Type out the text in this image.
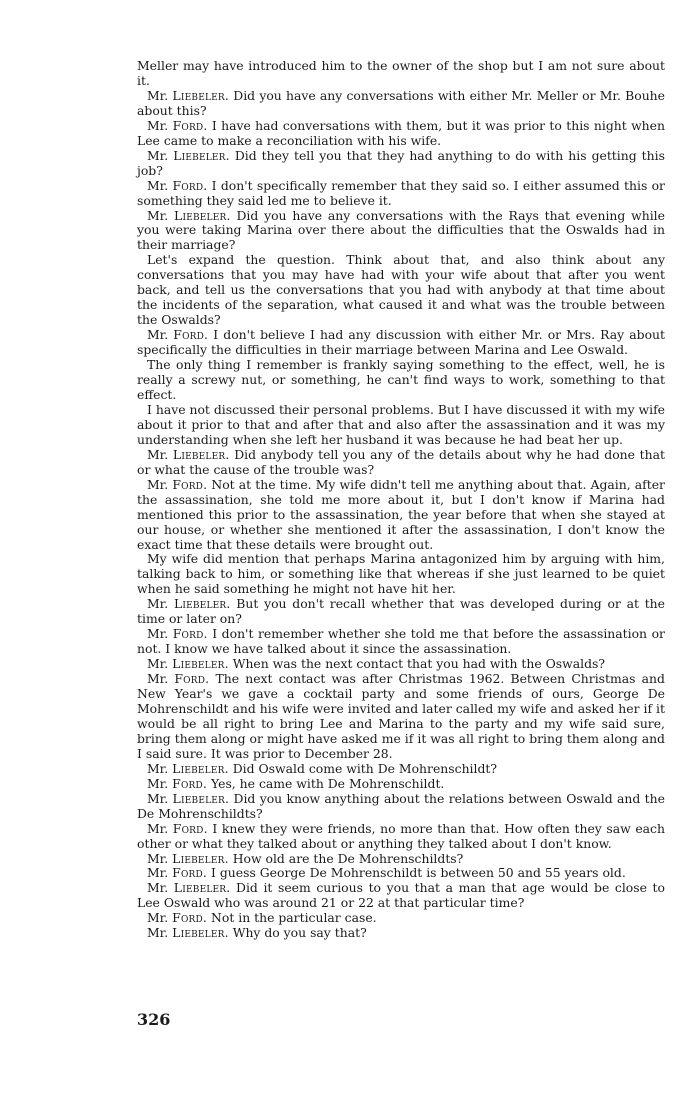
Meller may have introduced him to the owner of the shop but I am not sure about it.

Mr. Liebeler. Did you have any conversations with either Mr. Meller or Mr. Bouhe about this?

Mr. Ford. I have had conversations with them, but it was prior to this night when Lee came to make a reconciliation with his wife.

Mr. Liebeler. Did they tell you that they had anything to do with his getting this job?

Mr. Ford. I don't specifically remember that they said so. I either assumed this or something they said led me to believe it.

Mr. Liebeler. Did you have any conversations with the Rays that evening while you were taking Marina over there about the difficulties that the Oswalds had in their marriage?

Let's expand the question. Think about that, and also think about any conversations that you may have had with your wife about that after you went back, and tell us the conversations that you had with anybody at that time about the incidents of the separation, what caused it and what was the trouble between the Oswalds?

Mr. Ford. I don't believe I had any discussion with either Mr. or Mrs. Ray about specifically the difficulties in their marriage between Marina and Lee Oswald.

The only thing I remember is frankly saying something to the effect, well, he is really a screwy nut, or something, he can't find ways to work, something to that effect.

I have not discussed their personal problems. But I have discussed it with my wife about it prior to that and after that and also after the assassination and it was my understanding when she left her husband it was because he had beat her up.

Mr. Liebeler. Did anybody tell you any of the details about why he had done that or what the cause of the trouble was?

Mr. Ford. Not at the time. My wife didn't tell me anything about that. Again, after the assassination, she told me more about it, but I don't know if Marina had mentioned this prior to the assassination, the year before that when she stayed at our house, or whether she mentioned it after the assassination, I don't know the exact time that these details were brought out.

My wife did mention that perhaps Marina antagonized him by arguing with him, talking back to him, or something like that whereas if she just learned to be quiet when he said something he might not have hit her.

Mr. Liebeler. But you don't recall whether that was developed during or at the time or later on?

Mr. Ford. I don't remember whether she told me that before the assassination or not. I know we have talked about it since the assassination.

Mr. Liebeler. When was the next contact that you had with the Oswalds?

Mr. Ford. The next contact was after Christmas 1962. Between Christmas and New Year's we gave a cocktail party and some friends of ours, George De Mohrenschildt and his wife were invited and later called my wife and asked her if it would be all right to bring Lee and Marina to the party and my wife said sure, bring them along or might have asked me if it was all right to bring them along and I said sure. It was prior to December 28.

Mr. Liebeler. Did Oswald come with De Mohrenschildt?

Mr. Ford. Yes, he came with De Mohrenschildt.

Mr. Liebeler. Did you know anything about the relations between Oswald and the De Mohrenschildts?

Mr. Ford. I knew they were friends, no more than that. How often they saw each other or what they talked about or anything they talked about I don't know.

Mr. Liebeler. How old are the De Mohrenschildts?

Mr. Ford. I guess George De Mohrenschildt is between 50 and 55 years old.

Mr. Liebeler. Did it seem curious to you that a man that age would be close to Lee Oswald who was around 21 or 22 at that particular time?

Mr. Ford. Not in the particular case.

Mr. Liebeler. Why do you say that?

326
